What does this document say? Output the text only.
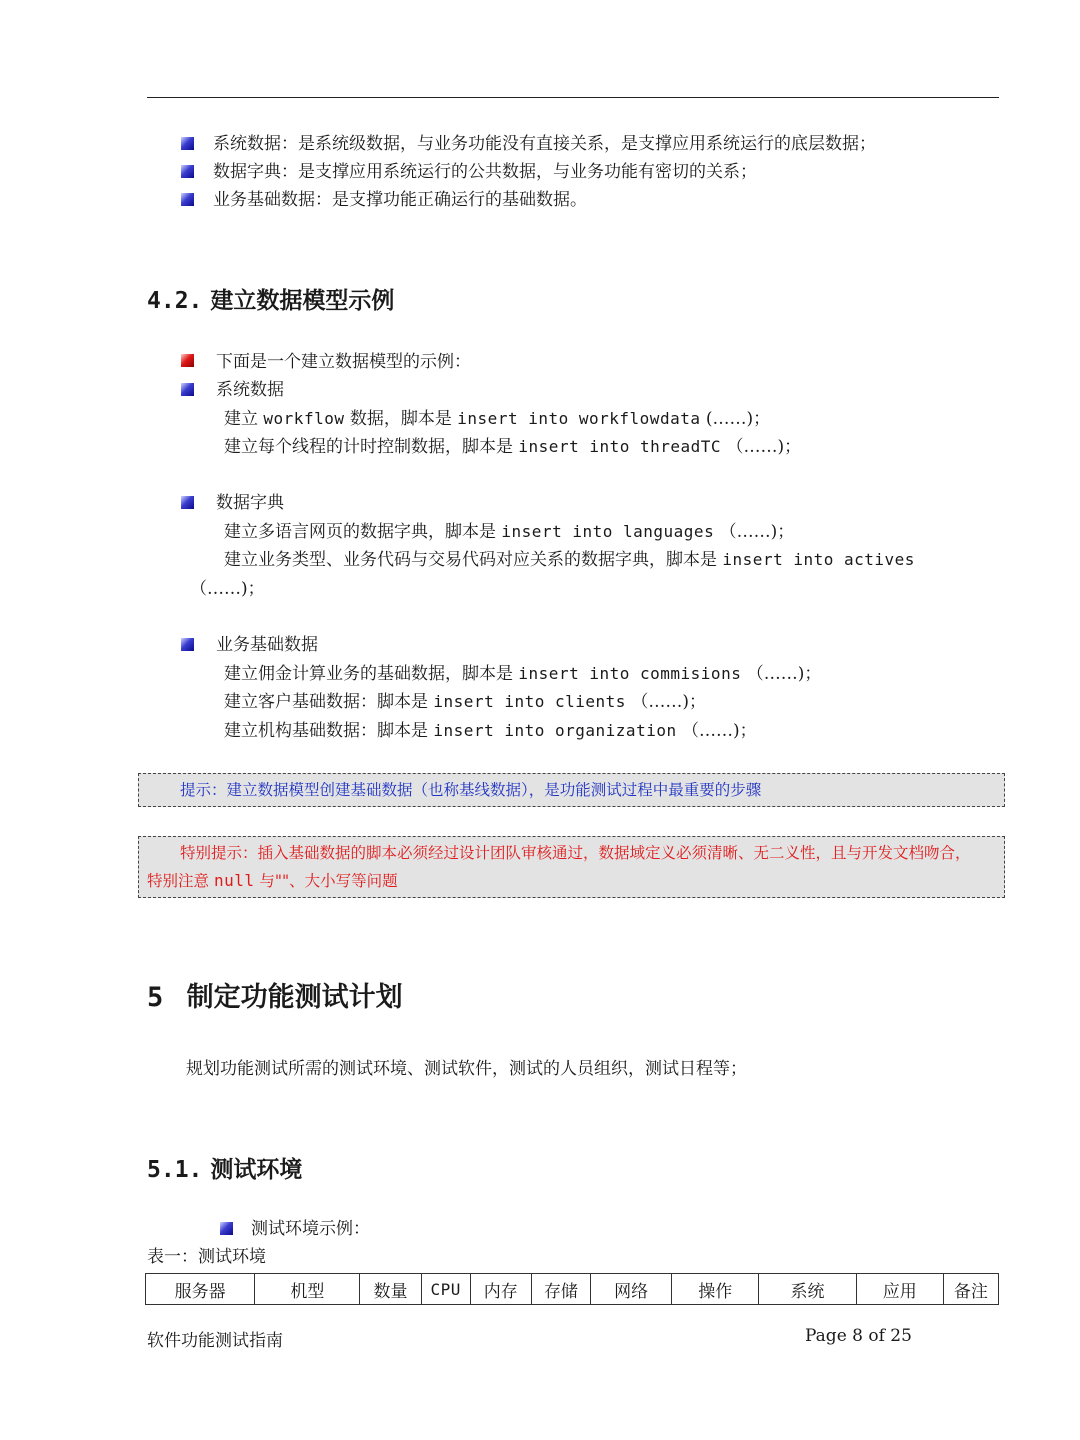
系统数据：是系统级数据，与业务功能没有直接关系，是支撑应用系统运行的底层数据；
数据字典：是支撑应用系统运行的公共数据，与业务功能有密切的关系；
业务基础数据：是支撑功能正确运行的基础数据。
4.2. 建立数据模型示例
下面是一个建立数据模型的示例：
系统数据
建立 workflow 数据，脚本是 insert into workflowdata (……)；
建立每个线程的计时控制数据，脚本是 insert into threadTC （……)；
数据字典
建立多语言网页的数据字典，脚本是 insert into languages （……)；
建立业务类型、业务代码与交易代码对应关系的数据字典，脚本是 insert into actives
（……)；
业务基础数据
建立佣金计算业务的基础数据，脚本是 insert into commisions （……)；
建立客户基础数据：脚本是 insert into clients （……)；
建立机构基础数据：脚本是 insert into organization （……)；
提示：建立数据模型创建基础数据（也称基线数据），是功能测试过程中最重要的步骤
特别提示：插入基础数据的脚本必须经过设计团队审核通过，数据域定义必须清晰、无二义性，且与开发文档吻合，
特别注意 null 与""、大小写等问题
5 制定功能测试计划
规划功能测试所需的测试环境、测试软件，测试的人员组织，测试日程等；
5.1. 测试环境
测试环境示例：
表一：测试环境
服务器	机型	数量	CPU	内存	存储	网络	操作	系统	应用	备注
软件功能测试指南	Page 8 of 25
